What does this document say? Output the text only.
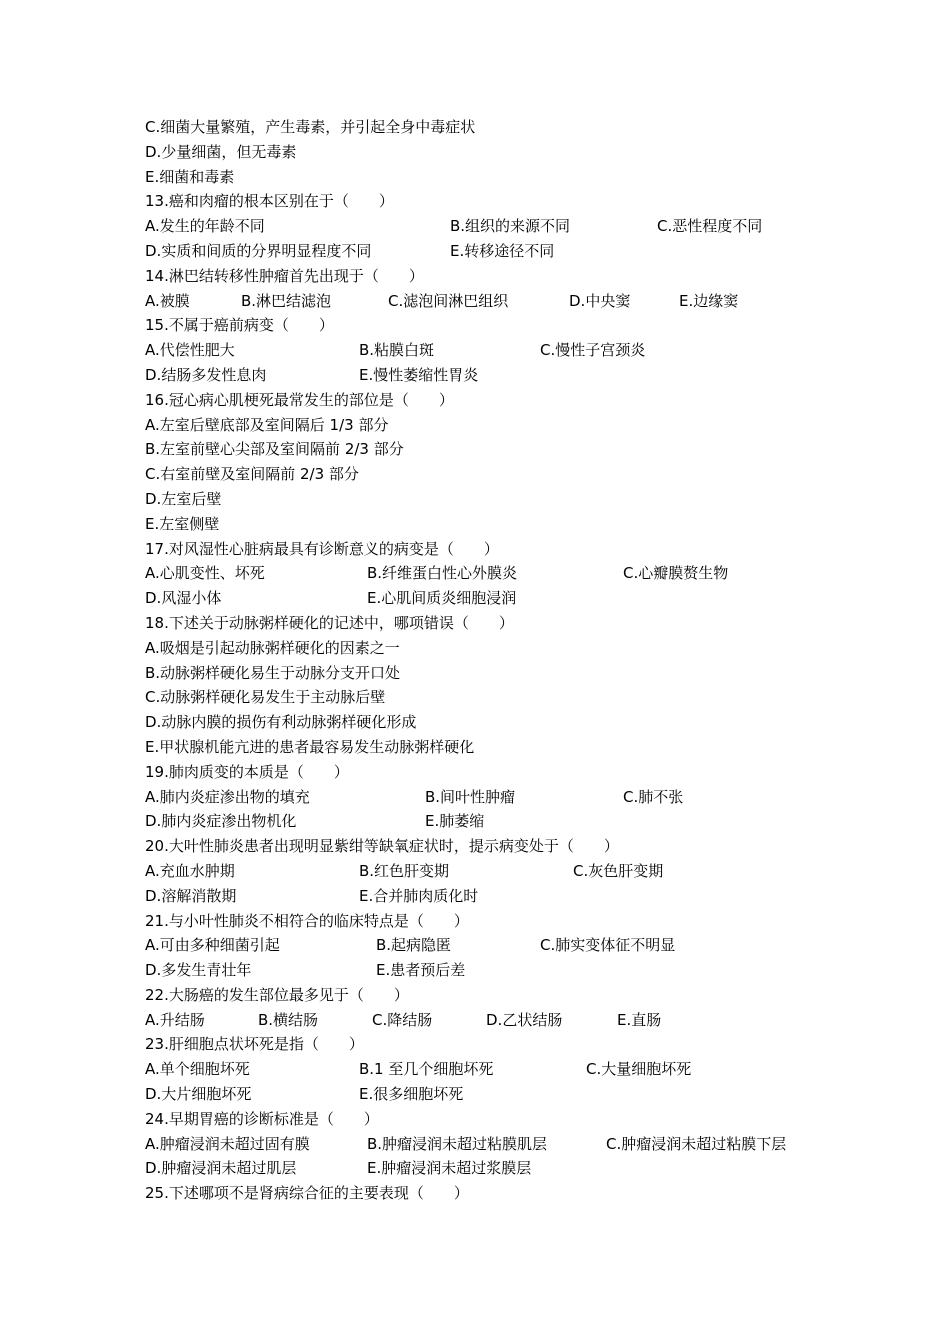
C.细菌大量繁殖，产生毒素，并引起全身中毒症状
D.少量细菌，但无毒素
E.细菌和毒素
13.癌和肉瘤的根本区别在于（　　）
A.发生的年龄不同	B.组织的来源不同	C.恶性程度不同
D.实质和间质的分界明显程度不同	E.转移途径不同
14.淋巴结转移性肿瘤首先出现于（　　）
A.被膜	B.淋巴结滤泡	C.滤泡间淋巴组织	D.中央窦	E.边缘窦
15.不属于癌前病变（　　）
A.代偿性肥大	B.粘膜白斑	C.慢性子宫颈炎
D.结肠多发性息肉	E.慢性萎缩性胃炎
16.冠心病心肌梗死最常发生的部位是（　　）
A.左室后壁底部及室间隔后 1/3 部分
B.左室前壁心尖部及室间隔前 2/3 部分
C.右室前壁及室间隔前 2/3 部分
D.左室后壁
E.左室侧壁
17.对风湿性心脏病最具有诊断意义的病变是（　　）
A.心肌变性、坏死	B.纤维蛋白性心外膜炎	C.心瓣膜赘生物
D.风湿小体	E.心肌间质炎细胞浸润
18.下述关于动脉粥样硬化的记述中，哪项错误（　　）
A.吸烟是引起动脉粥样硬化的因素之一
B.动脉粥样硬化易生于动脉分支开口处
C.动脉粥样硬化易发生于主动脉后壁
D.动脉内膜的损伤有利动脉粥样硬化形成
E.甲状腺机能亢进的患者最容易发生动脉粥样硬化
19.肺肉质变的本质是（　　）
A.肺内炎症渗出物的填充	B.间叶性肿瘤	C.肺不张
D.肺内炎症渗出物机化	E.肺萎缩
20.大叶性肺炎患者出现明显紫绀等缺氧症状时，提示病变处于（　　）
A.充血水肿期	B.红色肝变期	C.灰色肝变期
D.溶解消散期	E.合并肺肉质化时
21.与小叶性肺炎不相符合的临床特点是（　　）
A.可由多种细菌引起	B.起病隐匿	C.肺实变体征不明显
D.多发生青壮年	E.患者预后差
22.大肠癌的发生部位最多见于（　　）
A.升结肠	B.横结肠	C.降结肠	D.乙状结肠	E.直肠
23.肝细胞点状坏死是指（　　）
A.单个细胞坏死	B.1 至几个细胞坏死	C.大量细胞坏死
D.大片细胞坏死	E.很多细胞坏死
24.早期胃癌的诊断标准是（　　）
A.肿瘤浸润未超过固有膜	B.肿瘤浸润未超过粘膜肌层	C.肿瘤浸润未超过粘膜下层
D.肿瘤浸润未超过肌层	E.肿瘤浸润未超过浆膜层
25.下述哪项不是肾病综合征的主要表现（　　）
